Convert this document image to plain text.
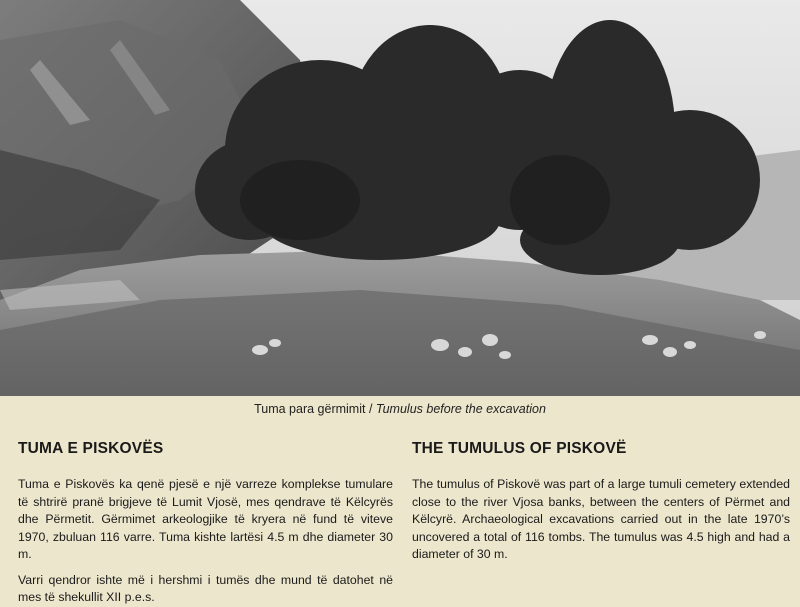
Tuma para gërmimit / Tumulus before the excavation
TUMA E PISKOVËS

Tuma e Piskovës ka qenë pjesë e një varreze komplekse tumulare të shtrirë pranë brigjeve të Lumit Vjosë, mes qendrave të Këlcyrës dhe Përmetit. Gërmimet arkeologjike të kryera në fund të viteve 1970, zbuluan 116 varre. Tuma kishte lartësi 4.5 m dhe diameter 30 m.

Varri qendror ishte më i hershmi i tumës dhe mund të datohet në mes të shekullit XII p.e.s.

THE TUMULUS OF PISKOVË

The tumulus of Piskovë was part of a large tumuli cemetery extended close to the river Vjosa banks, between the centers of Përmet and Këlcyrë. Archaeological excavations carried out in the late 1970’s uncovered a total of 116 tombs. The tumulus was 4.5 high and had a diameter of 30 m.
